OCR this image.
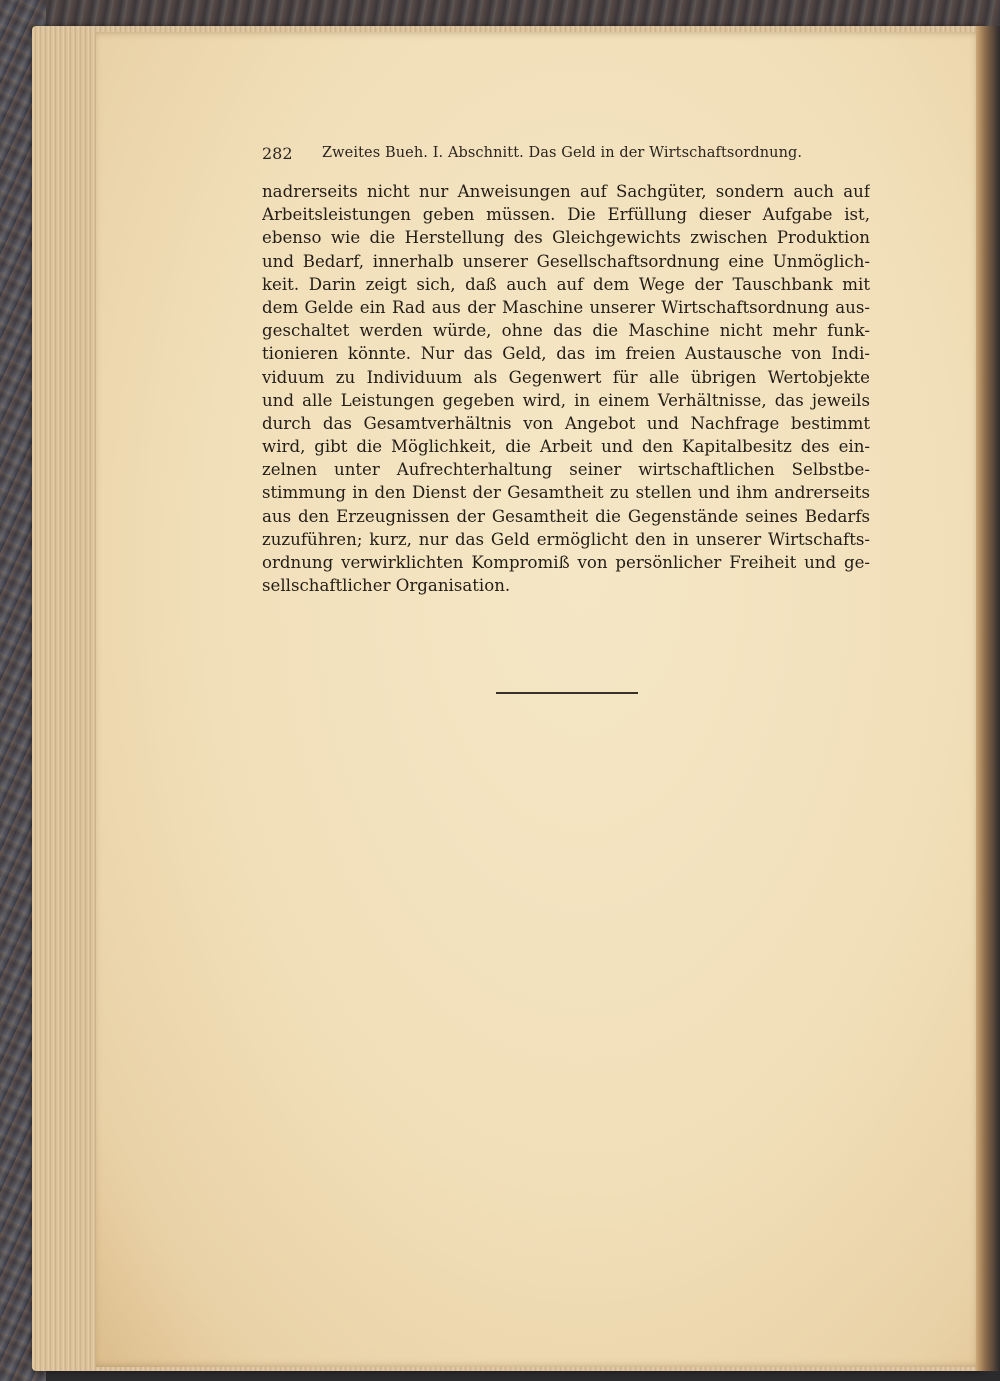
282 Zweites Bueh. I. Abschnitt. Das Geld in der Wirtschaftsordnung.
nadrerseits nicht nur Anweisungen auf Sachgüter, sondern auch auf
Arbeitsleistungen geben müssen. Die Erfüllung dieser Aufgabe ist,
ebenso wie die Herstellung des Gleichgewichts zwischen Produktion
und Bedarf, innerhalb unserer Gesellschaftsordnung eine Unmöglich-
keit. Darin zeigt sich, daß auch auf dem Wege der Tauschbank mit
dem Gelde ein Rad aus der Maschine unserer Wirtschaftsordnung aus-
geschaltet werden würde, ohne das die Maschine nicht mehr funk-
tionieren könnte. Nur das Geld, das im freien Austausche von Indi-
viduum zu Individuum als Gegenwert für alle übrigen Wertobjekte
und alle Leistungen gegeben wird, in einem Verhältnisse, das jeweils
durch das Gesamtverhältnis von Angebot und Nachfrage bestimmt
wird, gibt die Möglichkeit, die Arbeit und den Kapitalbesitz des ein-
zelnen unter Aufrechterhaltung seiner wirtschaftlichen Selbstbe-
stimmung in den Dienst der Gesamtheit zu stellen und ihm andrerseits
aus den Erzeugnissen der Gesamtheit die Gegenstände seines Bedarfs
zuzuführen; kurz, nur das Geld ermöglicht den in unserer Wirtschafts-
ordnung verwirklichten Kompromiß von persönlicher Freiheit und ge-
sellschaftlicher Organisation.
